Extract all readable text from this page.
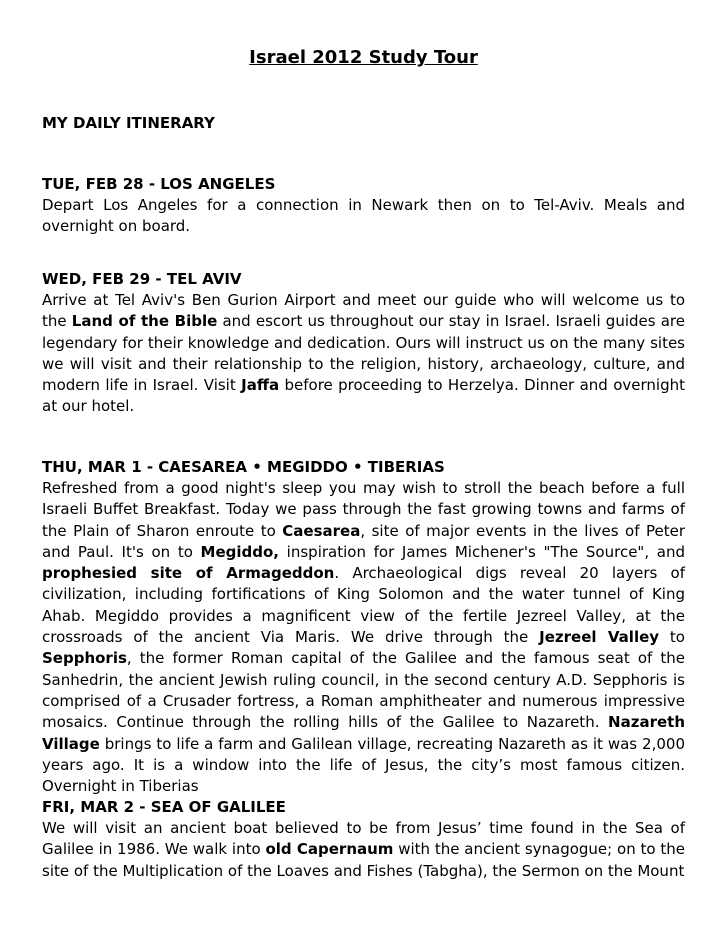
Israel 2012 Study Tour
MY DAILY ITINERARY
TUE, FEB 28 - LOS ANGELES

Depart Los Angeles for a connection in Newark then on to Tel-Aviv. Meals and overnight on board.

WED, FEB 29 - TEL AVIV

Arrive at Tel Aviv's Ben Gurion Airport and meet our guide who will welcome us to the Land of the Bible and escort us throughout our stay in Israel. Israeli guides are legendary for their knowledge and dedication. Ours will instruct us on the many sites we will visit and their relationship to the religion, history, archaeology, culture, and modern life in Israel. Visit Jaffa before proceeding to Herzelya. Dinner and overnight at our hotel.

THU, MAR 1 - CAESAREA • MEGIDDO • TIBERIAS

Refreshed from a good night's sleep you may wish to stroll the beach before a full Israeli Buffet Breakfast. Today we pass through the fast growing towns and farms of the Plain of Sharon enroute to Caesarea, site of major events in the lives of Peter and Paul. It's on to Megiddo, inspiration for James Michener's "The Source", and prophesied site of Armageddon. Archaeological digs reveal 20 layers of civilization, including fortifications of King Solomon and the water tunnel of King Ahab. Megiddo provides a magnificent view of the fertile Jezreel Valley, at the crossroads of the ancient Via Maris. We drive through the Jezreel Valley to Sepphoris, the former Roman capital of the Galilee and the famous seat of the Sanhedrin, the ancient Jewish ruling council, in the second century A.D. Sepphoris is comprised of a Crusader fortress, a Roman amphitheater and numerous impressive mosaics. Continue through the rolling hills of the Galilee to Nazareth. Nazareth Village brings to life a farm and Galilean village, recreating Nazareth as it was 2,000 years ago. It is a window into the life of Jesus, the city’s most famous citizen. Overnight in Tiberias

FRI, MAR 2 - SEA OF GALILEE

We will visit an ancient boat believed to be from Jesus’ time found in the Sea of Galilee in 1986. We walk into old Capernaum with the ancient synagogue; on to the site of the Multiplication of the Loaves and Fishes (Tabgha), the Sermon on the Mount
